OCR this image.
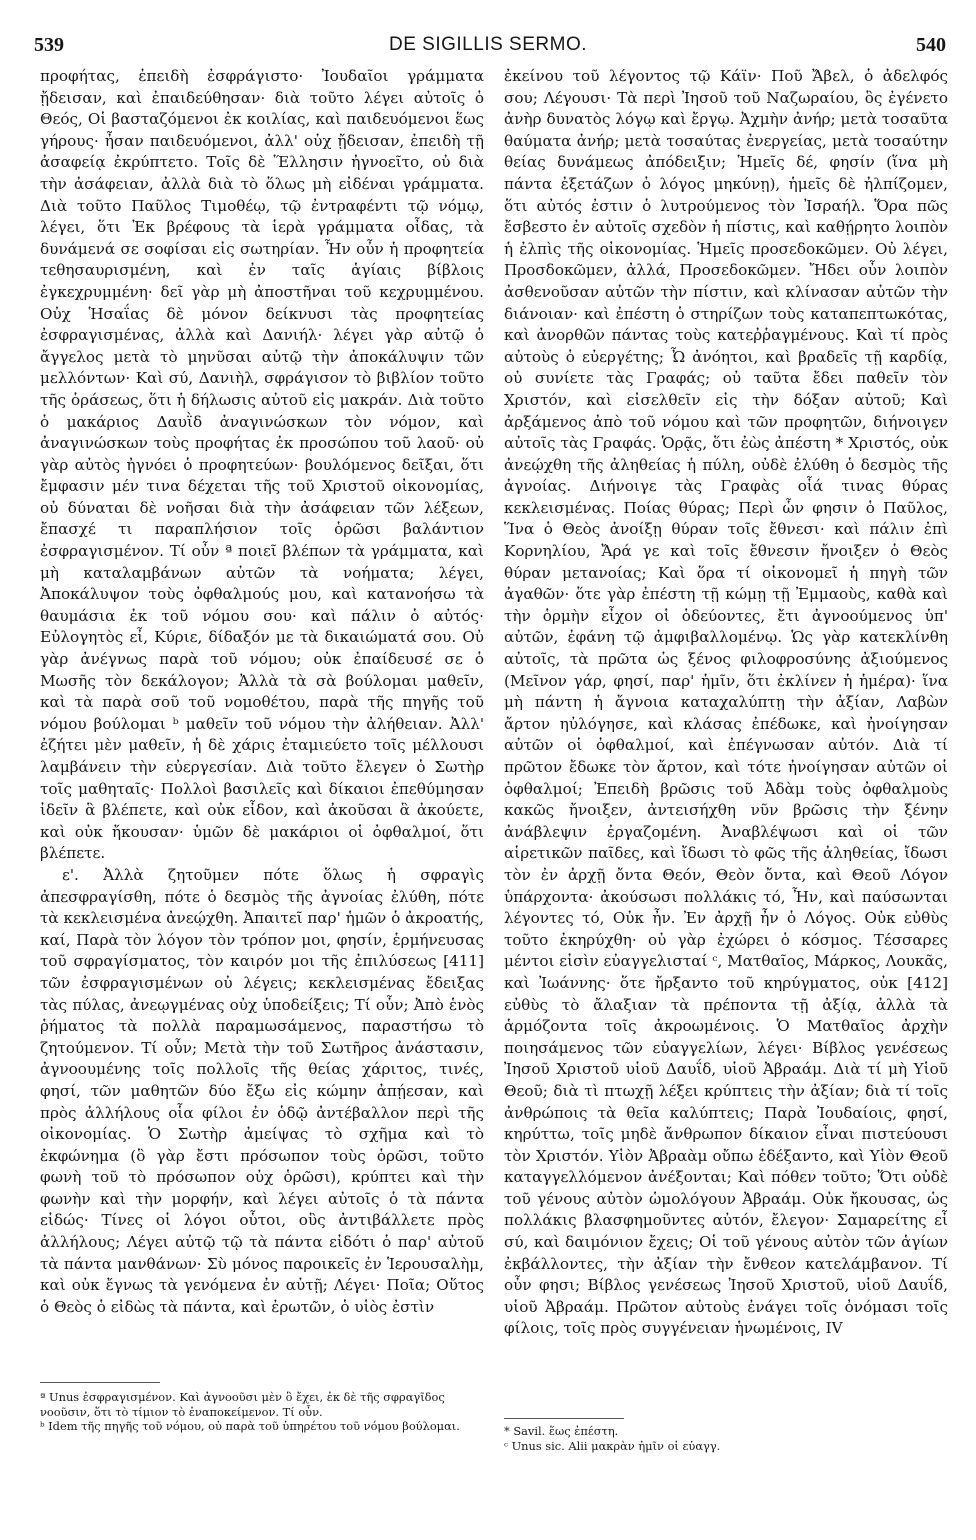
539	DE SIGILLIS SERMO.	540

προφήτας, ἐπειδὴ ἐσφράγιστο· Ἰουδαῖοι γράμματα ᾔδεισαν, καὶ ἐπαιδεύθησαν· διὰ τοῦτο λέγει αὐτοῖς ὁ Θεός, Οἱ βασταζόμενοι ἐκ κοιλίας, καὶ παιδευόμενοι ἕως γήρους· ἦσαν παιδευόμενοι, ἀλλ' οὐχ ᾔδεισαν, ἐπειδὴ τῇ ἀσαφείᾳ ἐκρύπτετο. Τοῖς δὲ Ἕλλησιν ἠγνοεῖτο, οὐ διὰ τὴν ἀσάφειαν, ἀλλὰ διὰ τὸ ὅλως μὴ εἰδέναι γράμματα. Διὰ τοῦτο Παῦλος Τιμοθέῳ, τῷ ἐντραφέντι τῷ νόμῳ, λέγει, ὅτι Ἐκ βρέφους τὰ ἱερὰ γράμματα οἶδας, τὰ δυνάμενά σε σοφίσαι εἰς σωτηρίαν. Ἦν οὖν ἡ προφητεία τεθησαυρισμένη, καὶ ἐν ταῖς ἁγίαις βίβλοις ἐγκεχρυμμένη· δεῖ γὰρ μὴ ἀποστῆναι τοῦ κεχρυμμένου. Οὐχ Ἡσαΐας δὲ μόνον δείκνυσι τὰς προφητείας ἐσφραγισμένας, ἀλλὰ καὶ Δανιήλ· λέγει γὰρ αὐτῷ ὁ ἄγγελος μετὰ τὸ μηνῦσαι αὐτῷ τὴν ἀποκάλυψιν τῶν μελλόντων· Καὶ σύ, Δανιὴλ, σφράγισον τὸ βιβλίον τοῦτο τῆς ὁράσεως, ὅτι ἡ δήλωσις αὐτοῦ εἰς μακράν. Διὰ τοῦτο ὁ μακάριος Δαυῒδ ἀναγινώσκων τὸν νόμον, καὶ ἀναγινώσκων τοὺς προφήτας ἐκ προσώπου τοῦ λαοῦ· οὐ γὰρ αὐτὸς ἠγνόει ὁ προφητεύων· βουλόμενος δεῖξαι, ὅτι ἔμφασιν μέν τινα δέχεται τῆς τοῦ Χριστοῦ οἰκονομίας, οὐ δύναται δὲ νοῆσαι διὰ τὴν ἀσάφειαν τῶν λέξεων, ἔπασχέ τι παραπλήσιον τοῖς ὁρῶσι βαλάντιον ἐσφραγισμένον. Τί οὖν ª ποιεῖ βλέπων τὰ γράμματα, καὶ μὴ καταλαμβάνων αὐτῶν τὰ νοήματα; λέγει, Ἀποκάλυψον τοὺς ὀφθαλμούς μου, καὶ κατανοήσω τὰ θαυμάσια ἐκ τοῦ νόμου σου· καὶ πάλιν ὁ αὐτός· Εὐλογητὸς εἶ, Κύριε, δίδαξόν με τὰ δικαιώματά σου. Οὐ γὰρ ἀνέγνως παρὰ τοῦ νόμου; οὐκ ἐπαίδευσέ σε ὁ Μωσῆς τὸν δεκάλογον; Ἀλλὰ τὰ σὰ βούλομαι μαθεῖν, καὶ τὰ παρὰ σοῦ τοῦ νομοθέτου, παρὰ τῆς πηγῆς τοῦ νόμου βούλομαι ᵇ μαθεῖν τοῦ νόμου τὴν ἀλήθειαν. Ἀλλ' ἐζήτει μὲν μαθεῖν, ἡ δὲ χάρις ἐταμιεύετο τοῖς μέλλουσι λαμβάνειν τὴν εὐεργεσίαν. Διὰ τοῦτο ἔλεγεν ὁ Σωτὴρ τοῖς μαθηταῖς· Πολλοὶ βασιλεῖς καὶ δίκαιοι ἐπεθύμησαν ἰδεῖν ἃ βλέπετε, καὶ οὐκ εἶδον, καὶ ἀκοῦσαι ἃ ἀκούετε, καὶ οὐκ ἤκουσαν· ὑμῶν δὲ μακάριοι οἱ ὀφθαλμοί, ὅτι βλέπετε.

ε'. Ἀλλὰ ζητοῦμεν πότε ὅλως ἡ σφραγὶς ἀπεσφραγίσθη, πότε ὁ δεσμὸς τῆς ἀγνοίας ἐλύθη, πότε τὰ κεκλεισμένα ἀνεῴχθη. Ἀπαιτεῖ παρ' ἡμῶν ὁ ἀκροατής, καί, Παρὰ τὸν λόγον τὸν τρόπον μοι, φησίν, ἑρμήνευσας τοῦ σφραγίσματος, τὸν καιρόν μοι τῆς ἐπιλύσεως [411] τῶν ἐσφραγισμένων οὐ λέγεις; κεκλεισμένας ἔδειξας τὰς πύλας, ἀνεῳγμένας οὐχ ὑποδείξεις; Τί οὖν; Ἀπὸ ἑνὸς ῥήματος τὰ πολλὰ παραμωσάμενος, παραστήσω τὸ ζητούμενον. Τί οὖν; Μετὰ τὴν τοῦ Σωτῆρος ἀνάστασιν, ἀγνοουμένης τοῖς πολλοῖς τῆς θείας χάριτος, τινές, φησί, τῶν μαθητῶν δύο ἔξω εἰς κώμην ἀπῄεσαν, καὶ πρὸς ἀλλήλους οἷα φίλοι ἐν ὁδῷ ἀντέβαλλον περὶ τῆς οἰκονομίας. Ὁ Σωτὴρ ἀμείψας τὸ σχῆμα καὶ τὸ ἐκφώνημα (ὃ γὰρ ἔστι πρόσωπον τοὺς ὁρῶσι, τοῦτο φωνὴ τοῦ τὸ πρόσωπον οὐχ ὁρῶσι), κρύπτει καὶ τὴν φωνὴν καὶ τὴν μορφήν, καὶ λέγει αὐτοῖς ὁ τὰ πάντα εἰδώς· Τίνες οἱ λόγοι οὗτοι, οὓς ἀντιβάλλετε πρὸς ἀλλήλους; Λέγει αὐτῷ τῷ τὰ πάντα εἰδότι ὁ παρ' αὐτοῦ τὰ πάντα μανθάνων· Σὺ μόνος παροικεῖς ἐν Ἱερουσαλὴμ, καὶ οὐκ ἔγνως τὰ γενόμενα ἐν αὐτῇ; Λέγει· Ποῖα; Οὕτος ὁ Θεὸς ὁ εἰδὼς τὰ πάντα, καὶ ἐρωτῶν, ὁ υἱὸς ἐστὶν

ἐκείνου τοῦ λέγοντος τῷ Κάϊν· Ποῦ Ἄβελ, ὁ ἀδελφός σου; Λέγουσι· Τὰ περὶ Ἰησοῦ τοῦ Ναζωραίου, ὃς ἐγένετο ἀνὴρ δυνατὸς λόγῳ καὶ ἔργῳ. Ἀχμὴν ἀνήρ; μετὰ τοσαῦτα θαύματα ἀνήρ; μετὰ τοσαύτας ἐνεργείας, μετὰ τοσαύτην θείας δυνάμεως ἀπόδειξιν; Ἡμεῖς δέ, φησίν (ἵνα μὴ πάντα ἐξετάζων ὁ λόγος μηκύνῃ), ἡμεῖς δὲ ἠλπίζομεν, ὅτι αὐτός ἐστιν ὁ λυτρούμενος τὸν Ἰσραήλ. Ὅρα πῶς ἔσβεστο ἐν αὐτοῖς σχεδὸν ἡ πίστις, καὶ καθῄρητο λοιπὸν ἡ ἐλπὶς τῆς οἰκονομίας. Ἡμεῖς προσεδοκῶμεν. Οὐ λέγει, Προσδοκῶμεν, ἀλλά, Προσεδοκῶμεν. Ἤδει οὖν λοιπὸν ἀσθενοῦσαν αὐτῶν τὴν πίστιν, καὶ κλίνασαν αὐτῶν τὴν διάνοιαν· καὶ ἐπέστη ὁ στηρίζων τοὺς καταπεπτωκότας, καὶ ἀνορθῶν πάντας τοὺς κατεῤῥαγμένους. Καὶ τί πρὸς αὐτοὺς ὁ εὐεργέτης; Ὦ ἀνόητοι, καὶ βραδεῖς τῇ καρδίᾳ, οὐ συνίετε τὰς Γραφάς; οὐ ταῦτα ἔδει παθεῖν τὸν Χριστόν, καὶ εἰσελθεῖν εἰς τὴν δόξαν αὐτοῦ; Καὶ ἀρξάμενος ἀπὸ τοῦ νόμου καὶ τῶν προφητῶν, διήνοιγεν αὐτοῖς τὰς Γραφάς. Ὁρᾷς, ὅτι ἐὼς ἀπέστη * Χριστός, οὐκ ἀνεῴχθη τῆς ἀληθείας ἡ πύλη, οὐδὲ ἐλύθη ὁ δεσμὸς τῆς ἀγνοίας. Διήνοιγε τὰς Γραφὰς οἷά τινας θύρας κεκλεισμένας. Ποίας θύρας; Περὶ ὧν φησιν ὁ Παῦλος, Ἵνα ὁ Θεὸς ἀνοίξῃ θύραν τοῖς ἔθνεσι· καὶ πάλιν ἐπὶ Κορνηλίου, Ἄρά γε καὶ τοῖς ἔθνεσιν ἤνοιξεν ὁ Θεὸς θύραν μετανοίας; Καὶ ὅρα τί οἰκονομεῖ ἡ πηγὴ τῶν ἀγαθῶν· ὅτε γὰρ ἐπέστη τῇ κώμῃ τῇ Ἐμμαοὺς, καθὰ καὶ τὴν ὁρμὴν εἶχον οἱ ὁδεύοντες, ἔτι ἀγνοούμενος ὑπ' αὐτῶν, ἐφάνη τῷ ἀμφιβαλλομένῳ. Ὡς γὰρ κατεκλίνθη αὐτοῖς, τὰ πρῶτα ὡς ξένος φιλοφροσύνης ἀξιούμενος (Μεῖνον γάρ, φησί, παρ' ἡμῖν, ὅτι ἐκλίνεν ἡ ἡμέρα)· ἵνα μὴ πάντη ἡ ἄγνοια καταχαλύπτῃ τὴν ἀξίαν, Λαβὼν ἄρτον ηὐλόγησε, καὶ κλάσας ἐπέδωκε, καὶ ἠνοίγησαν αὐτῶν οἱ ὀφθαλμοί, καὶ ἐπέγνωσαν αὐτόν. Διὰ τί πρῶτον ἔδωκε τὸν ἄρτον, καὶ τότε ἠνοίγησαν αὐτῶν οἱ ὀφθαλμοί; Ἐπειδὴ βρῶσις τοῦ Ἀδὰμ τοὺς ὀφθαλμοὺς κακῶς ἤνοιξεν, ἀντεισήχθη νῦν βρῶσις τὴν ξένην ἀνάβλεψιν ἐργαζομένη. Ἀναβλέψωσι καὶ οἱ τῶν αἱρετικῶν παῖδες, καὶ ἴδωσι τὸ φῶς τῆς ἀληθείας, ἴδωσι τὸν ἐν ἀρχῇ ὄντα Θεόν, Θεὸν ὄντα, καὶ Θεοῦ Λόγον ὑπάρχοντα· ἀκούσωσι πολλάκις τό, Ἦν, καὶ παύσωνται λέγοντες τό, Οὐκ ἦν. Ἐν ἀρχῇ ἦν ὁ Λόγος. Οὐκ εὐθὺς τοῦτο ἐκηρύχθη· οὐ γὰρ ἐχώρει ὁ κόσμος. Τέσσαρες μέντοι εἰσὶν εὐαγγελισταί ᶜ, Ματθαῖος, Μάρκος, Λουκᾶς, καὶ Ἰωάννης· ὅτε ἤρξαντο τοῦ κηρύγματος, οὐκ [412] εὐθὺς τὸ ἄλαξιαν τὰ πρέποντα τῇ ἀξίᾳ, ἀλλὰ τὰ ἁρμόζοντα τοῖς ἀκροωμένοις. Ὁ Ματθαῖος ἀρχὴν ποιησάμενος τῶν εὐαγγελίων, λέγει· Βίβλος γενέσεως Ἰησοῦ Χριστοῦ υἱοῦ Δαυΐδ, υἱοῦ Ἀβραάμ. Διὰ τί μὴ Υἱοῦ Θεοῦ; διὰ τὶ πτωχῇ λέξει κρύπτεις τὴν ἀξίαν; διὰ τί τοῖς ἀνθρώποις τὰ θεῖα καλύπτεις; Παρὰ Ἰουδαίοις, φησί, κηρύττω, τοῖς μηδὲ ἄνθρωπον δίκαιον εἶναι πιστεύουσι τὸν Χριστόν. Υἱὸν Ἀβραὰμ οὔπω ἐδέξαντο, καὶ Υἱὸν Θεοῦ καταγγελλόμενον ἀνέξονται; Καὶ πόθεν τοῦτο; Ὅτι οὐδὲ τοῦ γένους αὐτὸν ὡμολόγουν Ἀβραάμ. Οὐκ ἤκουσας, ὡς πολλάκις βλασφημοῦντες αὐτόν, ἔλεγον· Σαμαρείτης εἶ σύ, καὶ δαιμόνιον ἔχεις; Οἱ τοῦ γένους αὐτὸν τῶν ἁγίων ἐκβάλλοντες, τὴν ἀξίαν τὴν ἔνθεον κατελάμβανον. Τί οὖν φησι; Βίβλος γενέσεως Ἰησοῦ Χριστοῦ, υἱοῦ Δαυΐδ, υἱοῦ Ἀβραάμ. Πρῶτον αὐτοὺς ἐνάγει τοῖς ὀνόμασι τοῖς φίλοις, τοῖς πρὸς συγγένειαν ἡνωμένοις, IV

ª Unus ἐσφραγισμένον. Καὶ ἀγνοοῦσι μὲν ὃ ἔχει, ἐκ δὲ τῆς σφραγῖδος νοοῦσιν, ὅτι τὸ τίμιον τὸ ἐναποκείμενον. Τί οὖν.

ᵇ Idem τῆς πηγῆς τοῦ νόμου, οὐ παρὰ τοῦ ὑπηρέτου τοῦ νόμου βούλομαι.	* Savil. ἕως ἐπέστη.

ᶜ Unus sic. Alii μακρὰν ἡμῖν οἱ εὐαγγ.
